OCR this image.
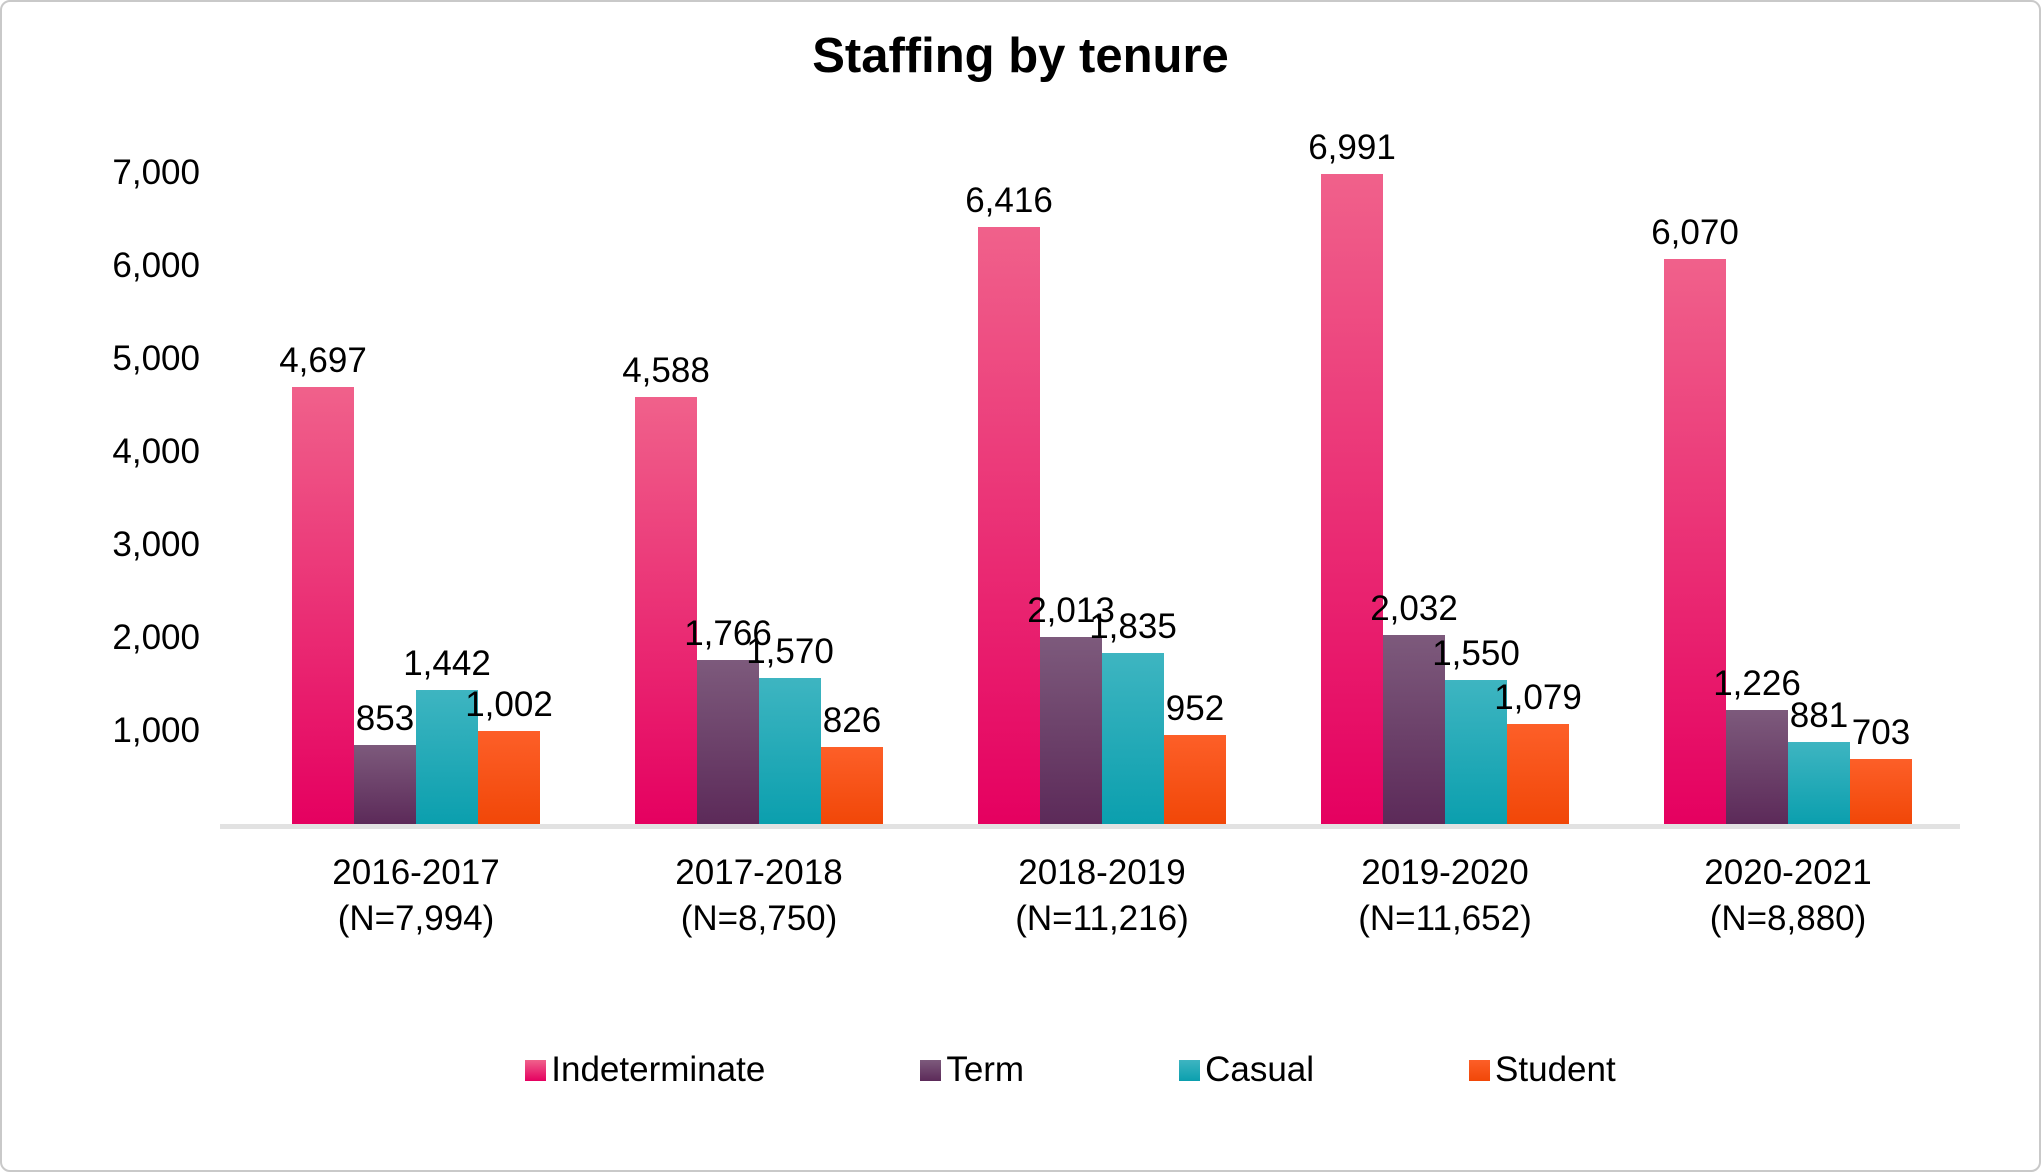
Staffing by tenure
7,000
6,000
5,000
4,000
3,000
2,000
1,000
4,697
853
1,442
1,002
4,588
1,766
1,570
826
6,416
2,013
1,835
952
6,991
2,032
1,550
1,079
6,070
1,226
881 703
2016-2017
(N=7,994)
2017-2018
(N=8,750)
2018-2019
(N=11,216)
2019-2020
(N=11,652)
2020-2021
(N=8,880)
Indeterminate	Term	Casual	Student
